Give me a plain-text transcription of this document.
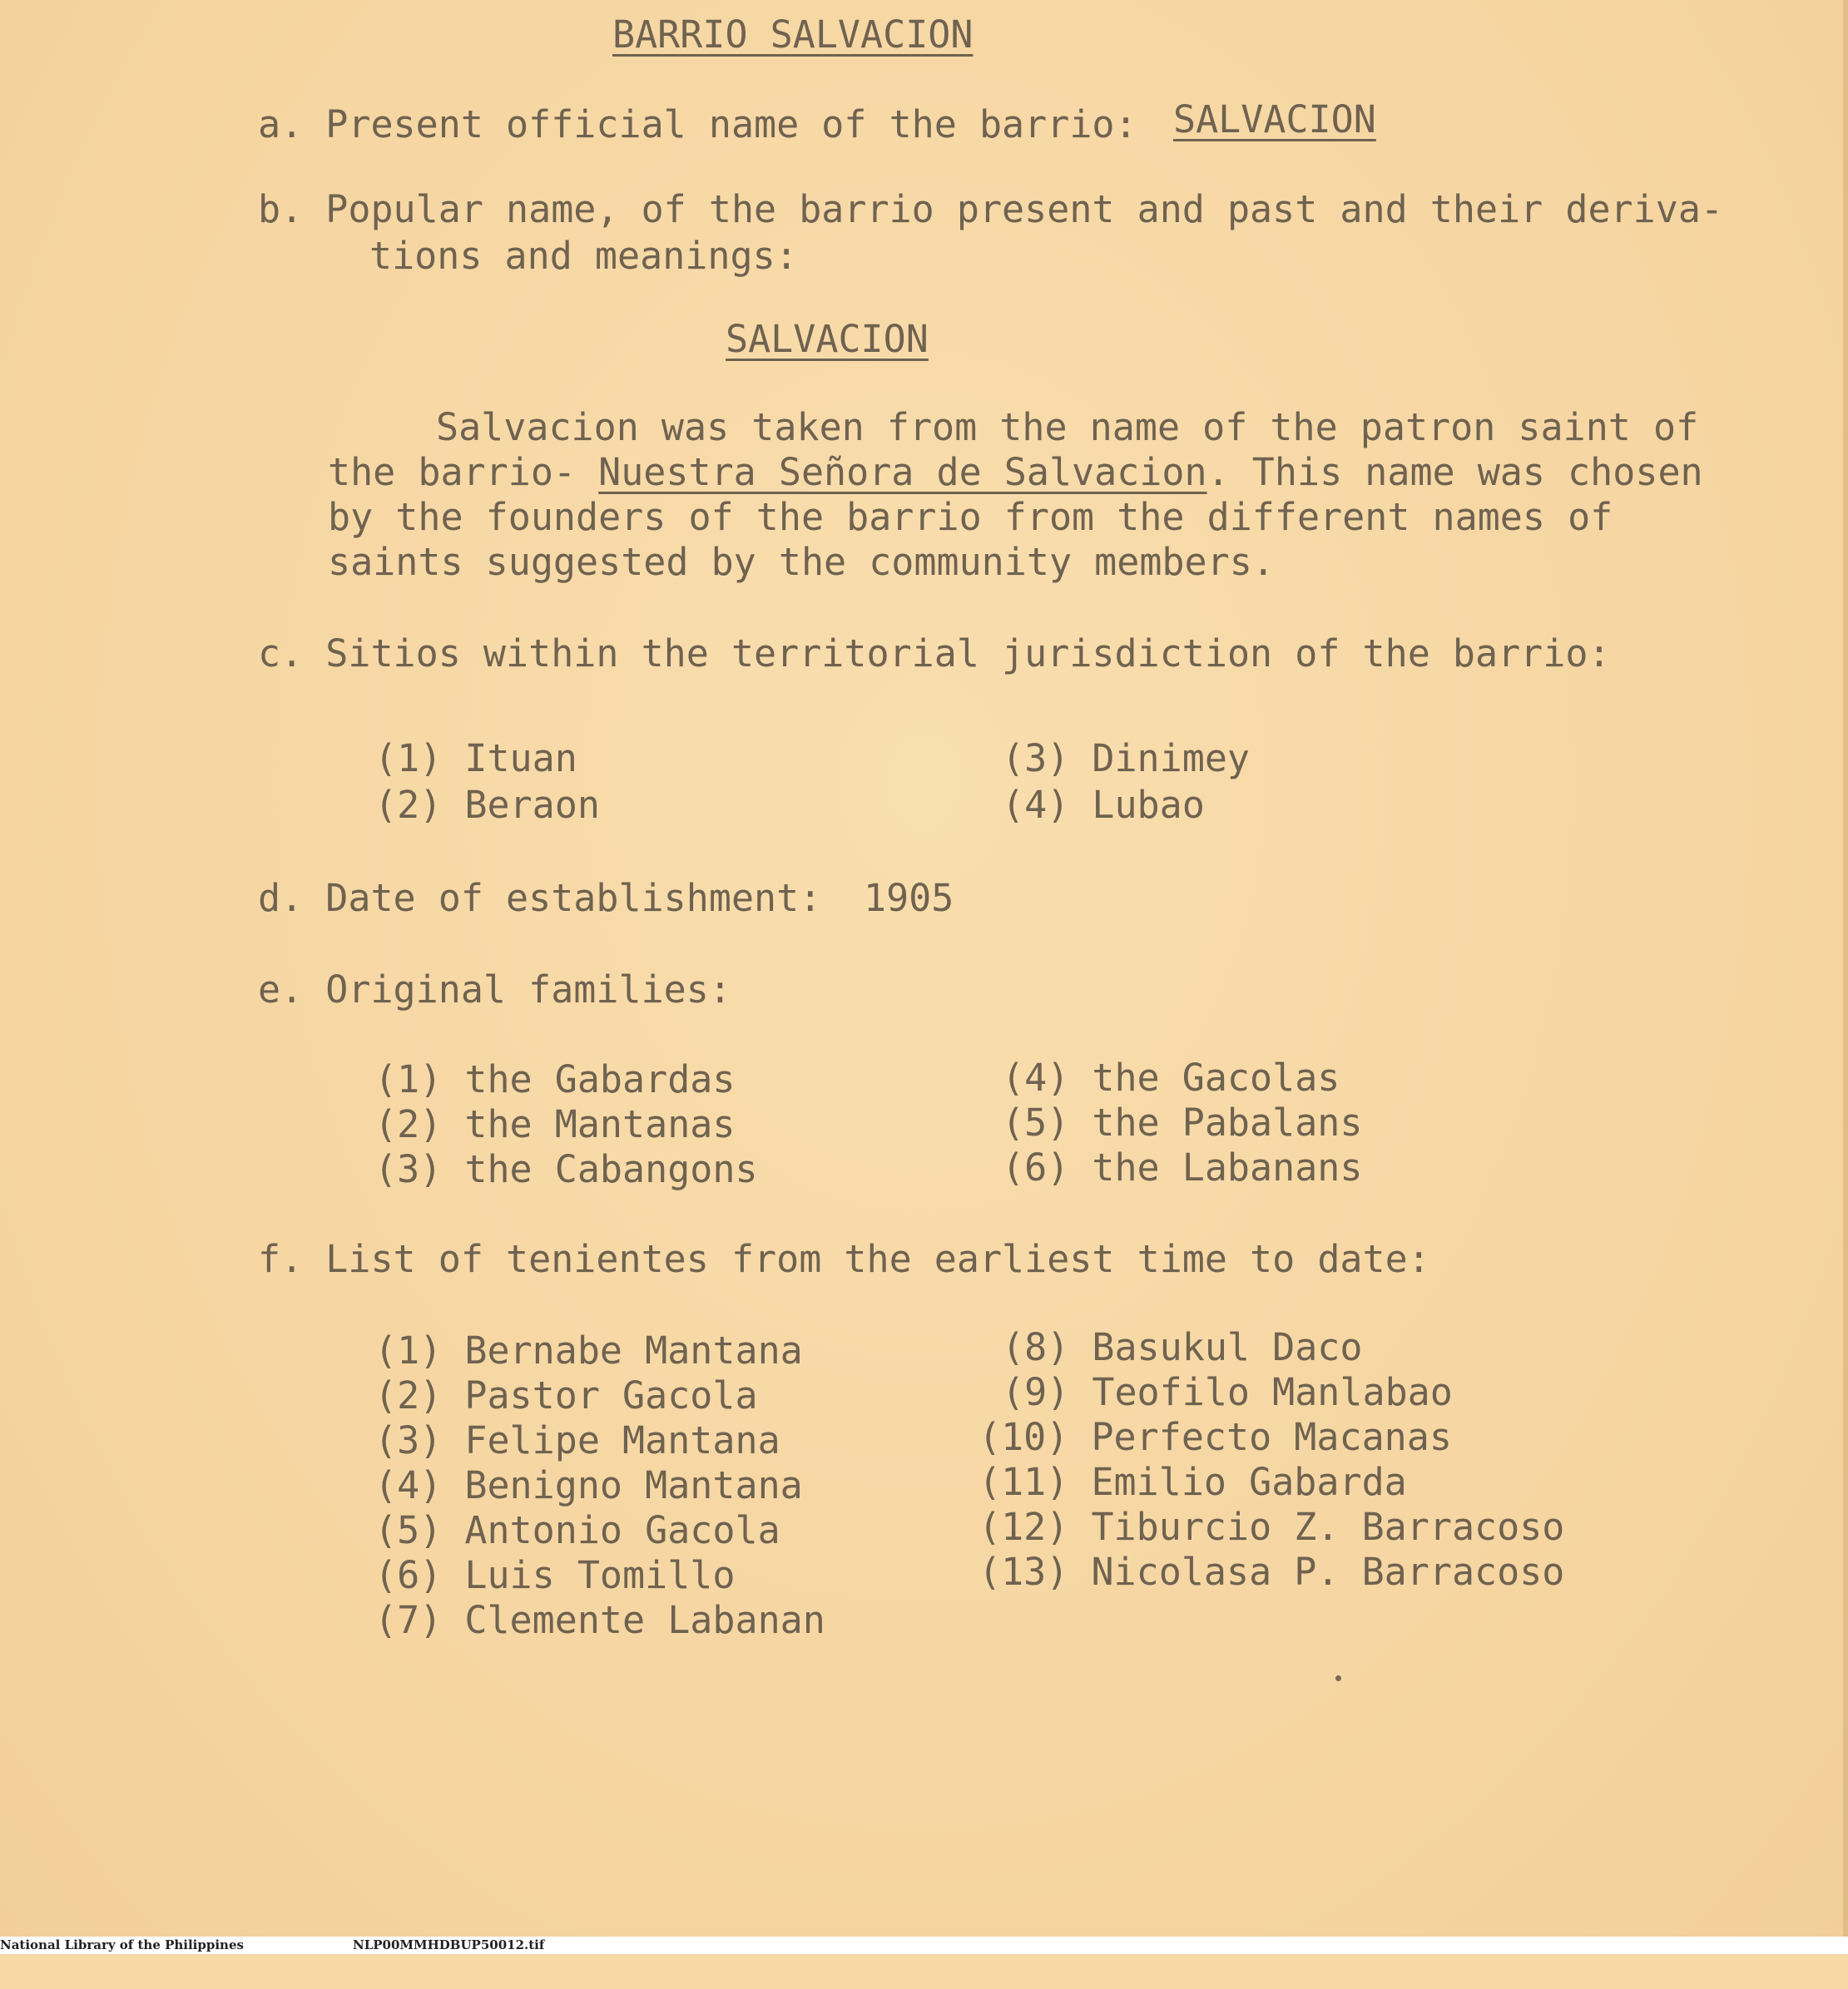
BARRIO SALVACION
a. Present official name of the barrio: SALVACION
b. Popular name, of the barrio present and past and their deriva-
tions and meanings:
SALVACION
Salvacion was taken from the name of the patron saint of
the barrio- Nuestra Señora de Salvacion. This name was chosen
by the founders of the barrio from the different names of
saints suggested by the community members.
c. Sitios within the territorial jurisdiction of the barrio:
(1) Ituan
(2) Beraon
(3) Dinimey
(4) Lubao
d. Date of establishment: 1905
e. Original families:
(1) the Gabardas
(2) the Mantanas
(3) the Cabangons
(4) the Gacolas
(5) the Pabalans
(6) the Labanans
f. List of tenientes from the earliest time to date:
(1) Bernabe Mantana
(2) Pastor Gacola
(3) Felipe Mantana
(4) Benigno Mantana
(5) Antonio Gacola
(6) Luis Tomillo
(7) Clemente Labanan
(8) Basukul Daco
(9) Teofilo Manlabao
(10) Perfecto Macanas
(11) Emilio Gabarda
(12) Tiburcio Z. Barracoso
(13) Nicolasa P. Barracoso

National Library of the Philippines

	NLP00MMHDBUP50012.tif
